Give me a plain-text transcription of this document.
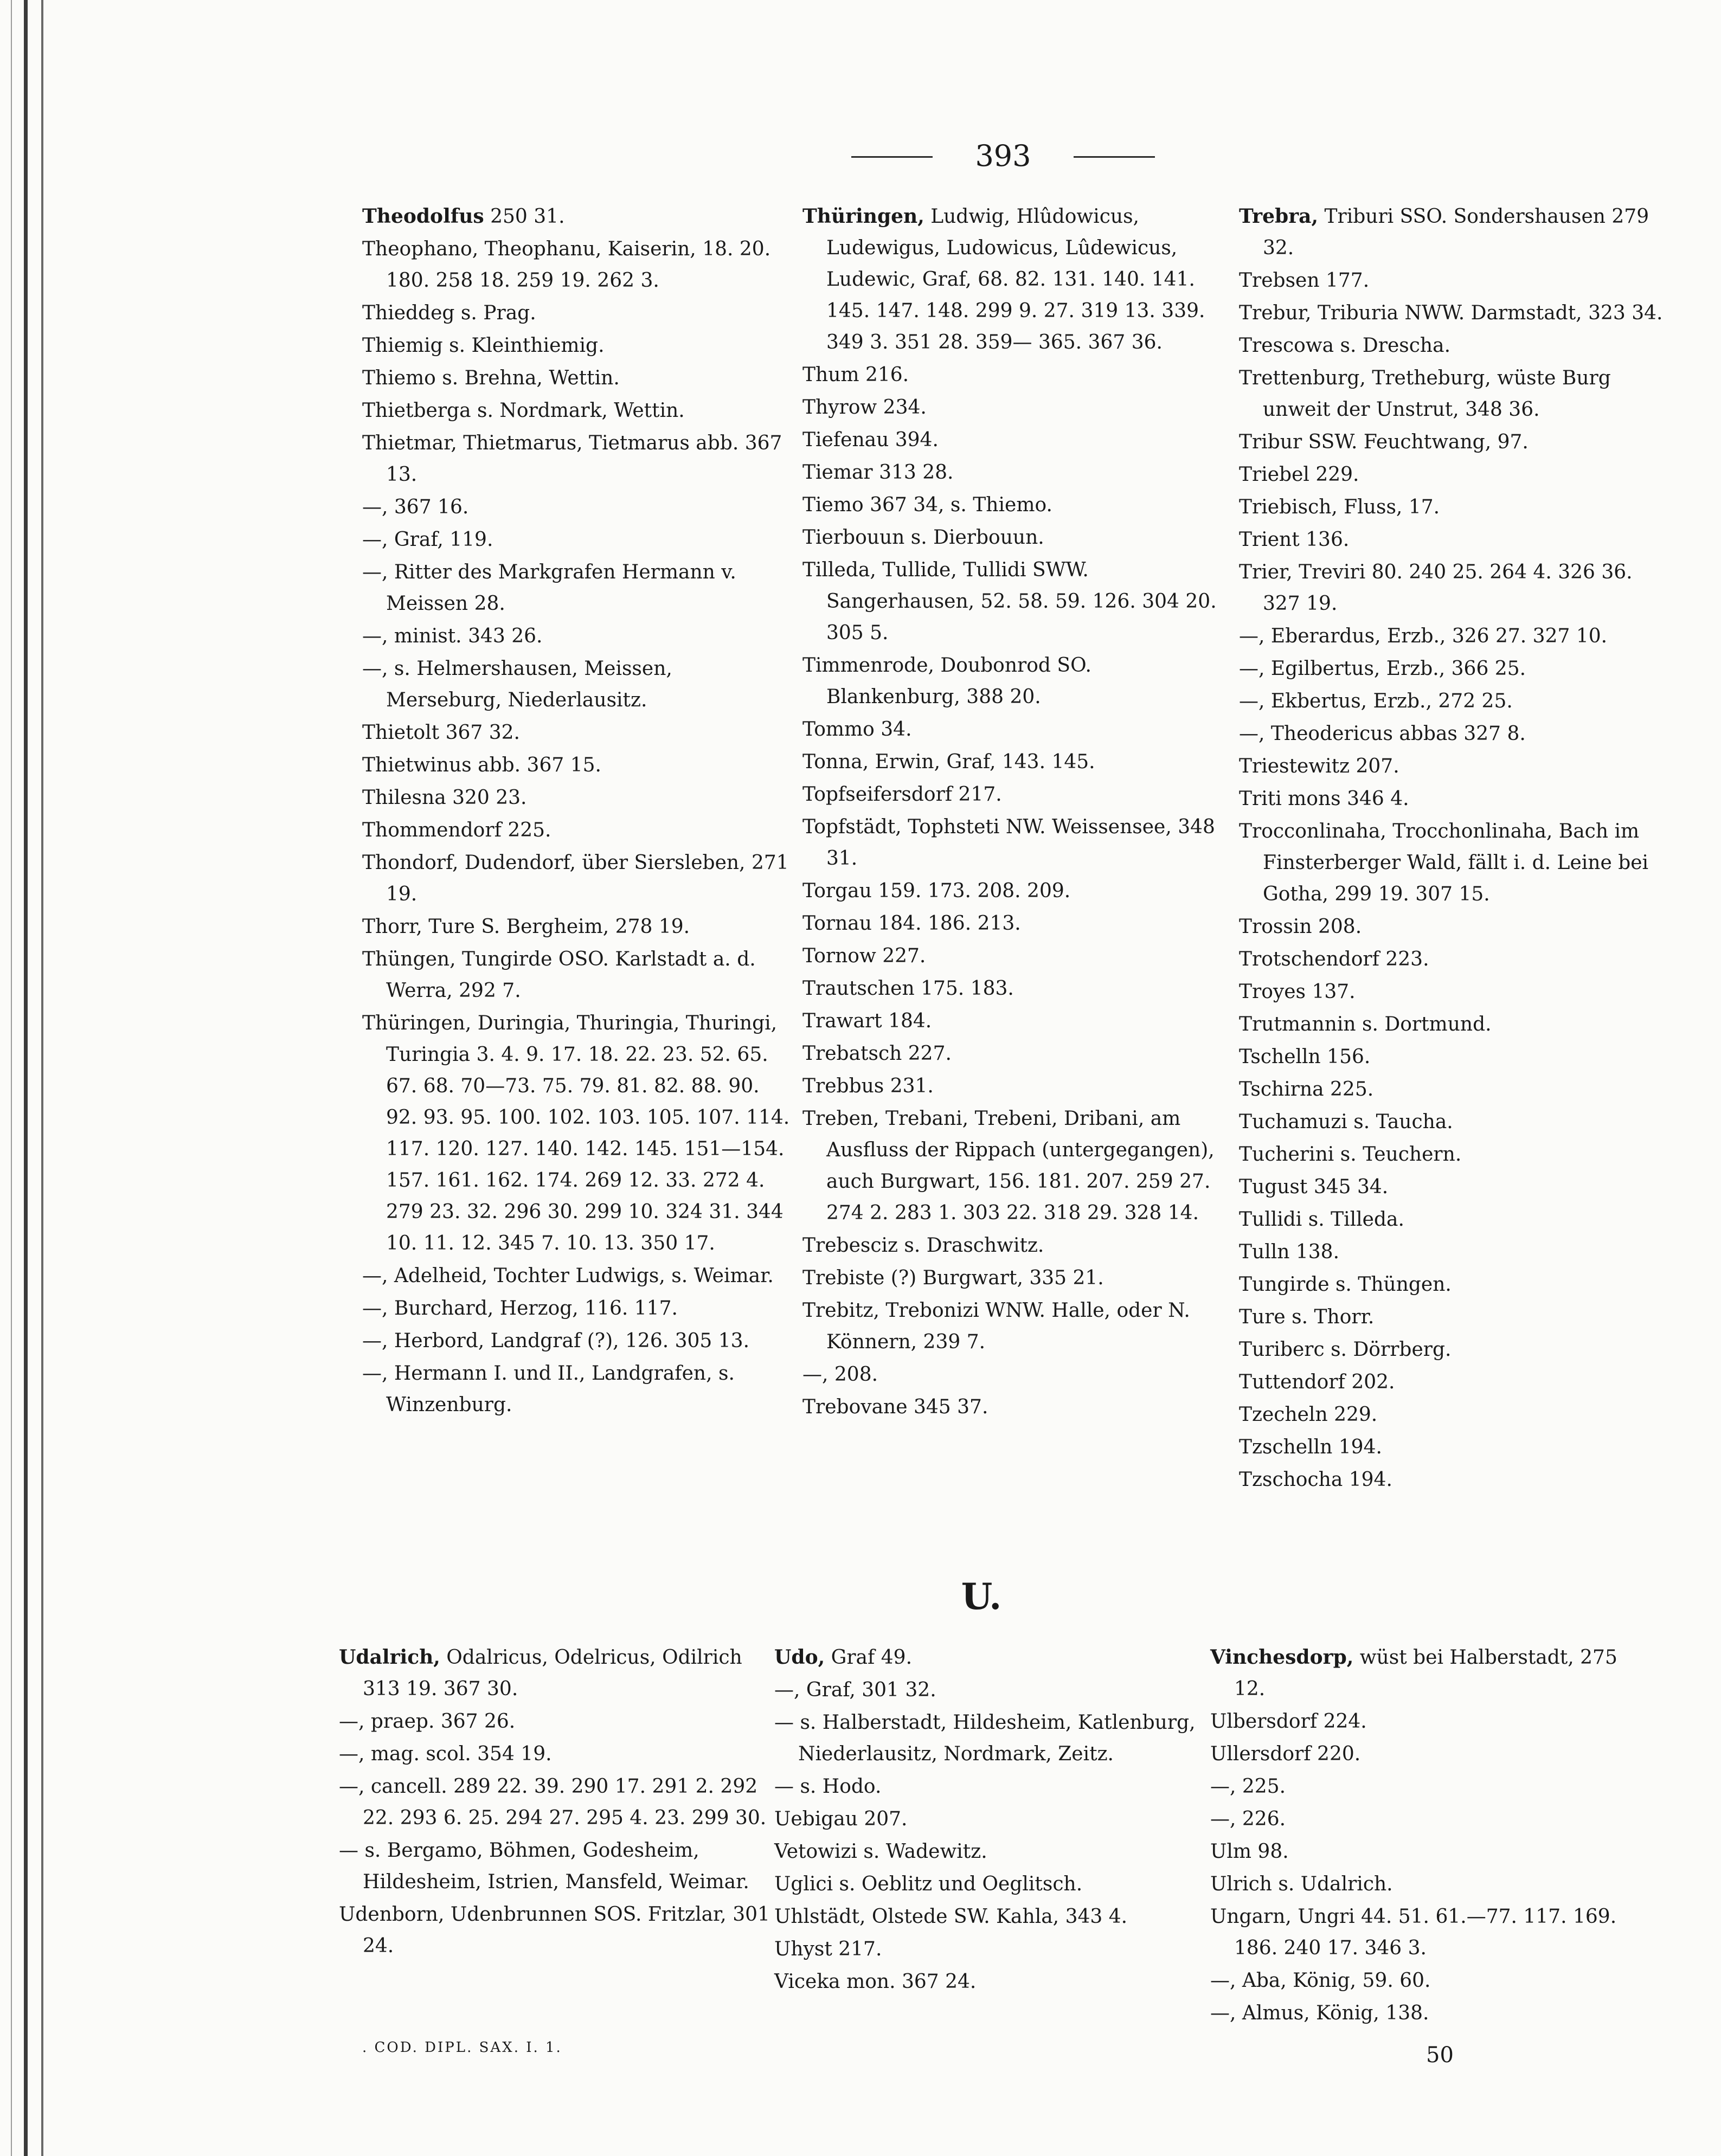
393
Theodolfus 250 31.
Theophano, Theophanu, Kaiserin, 18. 20. 180. 258 18. 259 19. 262 3.
Thieddeg s. Prag.
Thiemig s. Kleinthiemig.
Thiemo s. Brehna, Wettin.
Thietberga s. Nordmark, Wettin.
Thietmar, Thietmarus, Tietmarus abb. 367 13.
—, 367 16.
—, Graf, 119.
—, Ritter des Markgrafen Hermann v. Meissen 28.
—, minist. 343 26.
—, s. Helmershausen, Meissen, Merseburg, Niederlausitz.
Thietolt 367 32.
Thietwinus abb. 367 15.
Thilesna 320 23.
Thommendorf 225.
Thondorf, Dudendorf, über Siersleben, 271 19.
Thorr, Ture S. Bergheim, 278 19.
Thüngen, Tungirde OSO. Karlstadt a. d. Werra, 292 7.
Thüringen, Duringia, Thuringia, Thuringi, Turingia 3. 4. 9. 17. 18. 22. 23. 52. 65. 67. 68. 70—73. 75. 79. 81. 82. 88. 90. 92. 93. 95. 100. 102. 103. 105. 107. 114. 117. 120. 127. 140. 142. 145. 151—154. 157. 161. 162. 174. 269 12. 33. 272 4. 279 23. 32. 296 30. 299 10. 324 31. 344 10. 11. 12. 345 7. 10. 13. 350 17.
—, Adelheid, Tochter Ludwigs, s. Weimar.
—, Burchard, Herzog, 116. 117.
—, Herbord, Landgraf (?), 126. 305 13.
—, Hermann I. und II., Landgrafen, s. Winzenburg.
Thüringen, Ludwig, Hlûdowicus, Ludewigus, Ludowicus, Lûdewicus, Ludewic, Graf, 68. 82. 131. 140. 141. 145. 147. 148. 299 9. 27. 319 13. 339. 349 3. 351 28. 359— 365. 367 36.
Thum 216.
Thyrow 234.
Tiefenau 394.
Tiemar 313 28.
Tiemo 367 34, s. Thiemo.
Tierbouun s. Dierbouun.
Tilleda, Tullide, Tullidi SWW. Sangerhausen, 52. 58. 59. 126. 304 20. 305 5.
Timmenrode, Doubonrod SO. Blankenburg, 388 20.
Tommo 34.
Tonna, Erwin, Graf, 143. 145.
Topfseifersdorf 217.
Topfstädt, Tophsteti NW. Weissensee, 348 31.
Torgau 159. 173. 208. 209.
Tornau 184. 186. 213.
Tornow 227.
Trautschen 175. 183.
Trawart 184.
Trebatsch 227.
Trebbus 231.
Treben, Trebani, Trebeni, Dribani, am Ausfluss der Rippach (untergegangen), auch Burgwart, 156. 181. 207. 259 27. 274 2. 283 1. 303 22. 318 29. 328 14.
Trebesciz s. Draschwitz.
Trebiste (?) Burgwart, 335 21.
Trebitz, Trebonizi WNW. Halle, oder N. Könnern, 239 7.
—, 208.
Trebovane 345 37.
Trebra, Triburi SSO. Sondershausen 279 32.
Trebsen 177.
Trebur, Triburia NWW. Darmstadt, 323 34.
Trescowa s. Drescha.
Trettenburg, Tretheburg, wüste Burg unweit der Unstrut, 348 36.
Tribur SSW. Feuchtwang, 97.
Triebel 229.
Triebisch, Fluss, 17.
Trient 136.
Trier, Treviri 80. 240 25. 264 4. 326 36. 327 19.
—, Eberardus, Erzb., 326 27. 327 10.
—, Egilbertus, Erzb., 366 25.
—, Ekbertus, Erzb., 272 25.
—, Theodericus abbas 327 8.
Triestewitz 207.
Triti mons 346 4.
Trocconlinaha, Trocchonlinaha, Bach im Finsterberger Wald, fällt i. d. Leine bei Gotha, 299 19. 307 15.
Trossin 208.
Trotschendorf 223.
Troyes 137.
Trutmannin s. Dortmund.
Tschelln 156.
Tschirna 225.
Tuchamuzi s. Taucha.
Tucherini s. Teuchern.
Tugust 345 34.
Tullidi s. Tilleda.
Tulln 138.
Tungirde s. Thüngen.
Ture s. Thorr.
Turiberc s. Dörrberg.
Tuttendorf 202.
Tzecheln 229.
Tzschelln 194.
Tzschocha 194.
U.
Udalrich, Odalricus, Odelricus, Odilrich 313 19. 367 30.
—, praep. 367 26.
—, mag. scol. 354 19.
—, cancell. 289 22. 39. 290 17. 291 2. 292 22. 293 6. 25. 294 27. 295 4. 23. 299 30.
— s. Bergamo, Böhmen, Godesheim, Hildesheim, Istrien, Mansfeld, Weimar.
Udenborn, Udenbrunnen SOS. Fritzlar, 301 24.
Udo, Graf 49.
—, Graf, 301 32.
— s. Halberstadt, Hildesheim, Katlenburg, Niederlausitz, Nordmark, Zeitz.
— s. Hodo.
Uebigau 207.
Vetowizi s. Wadewitz.
Uglici s. Oeblitz und Oeglitsch.
Uhlstädt, Olstede SW. Kahla, 343 4.
Uhyst 217.
Viceka mon. 367 24.
Vinchesdorp, wüst bei Halberstadt, 275 12.
Ulbersdorf 224.
Ullersdorf 220.
—, 225.
—, 226.
Ulm 98.
Ulrich s. Udalrich.
Ungarn, Ungri 44. 51. 61.—77. 117. 169. 186. 240 17. 346 3.
—, Aba, König, 59. 60.
—, Almus, König, 138.
. COD. DIPL. SAX. I. 1.	50
